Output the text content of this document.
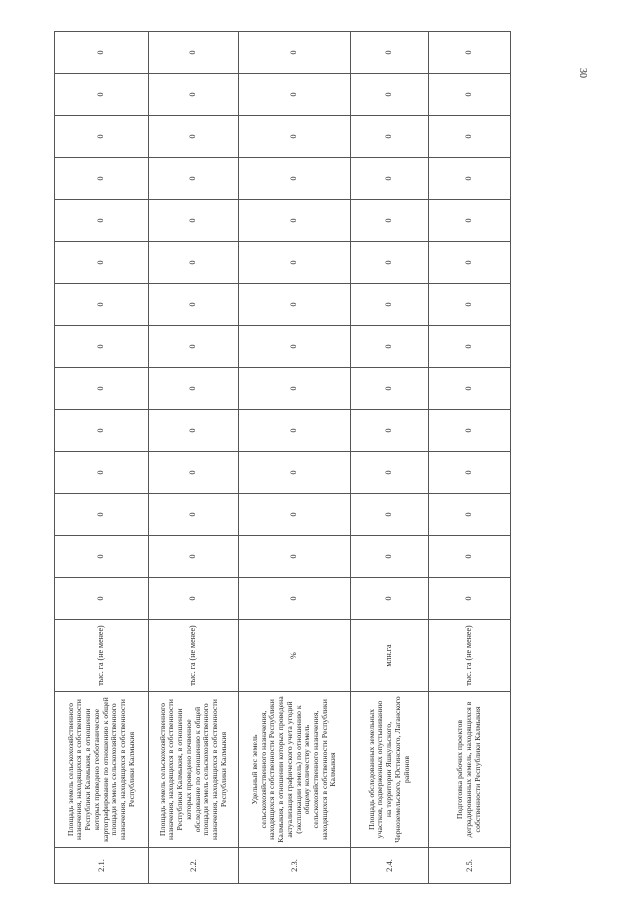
30
2.1.	Площадь земель сельскохозяйственного назначения, находящихся в собственности Республики Калмыкия, в отношении которых проведено геоботаническое картографирование по отношению к общей площади земель сельскохозяйственного назначения, находящихся в собственности Республики Калмыкия	тыс. га (не менее)	0	0	0	0	0	0	0	0	0	0	0	0	0	0	
2.2.	Площадь земель сельскохозяйственного назначения, находящихся в собственности Республики Калмыкия, в отношении которых проведено почвенное обследование по отношению к общей площади земель сельскохозяйственного назначения, находящихся в собственности Республики Калмыкия	тыс. га (не менее)	0	0	0	0	0	0	0	0	0	0	0	0	0	0	
2.3.	Удельный вес земель сельскохозяйственного назначения, находящихся в собственности Республики Калмыкия, в отношении которых проведена актуализация графического учета угодий (экспликации земель) по отношению к общему количеству земель сельскохозяйственного назначения, находящихся в собственности Республики Калмыкия	%	0	0	0	0	0	0	0	0	0	0	0	0	0	0	
2.4.	Площадь обследованных земельных участков, подверженных опустыниванию на территории Яшкульского, Черноземельского, Юстинского, Лаганского районов	млн.га	0	0	0	0	0	0	0	0	0	0	0	0	0	0	
2.5.	Подготовка рабочих проектов деградированных земель, находящихся в собственности Республики Калмыкия	тыс. га (не менее)	0	0	0	0	0	0	0	0	0	0	0	0	0	0	
